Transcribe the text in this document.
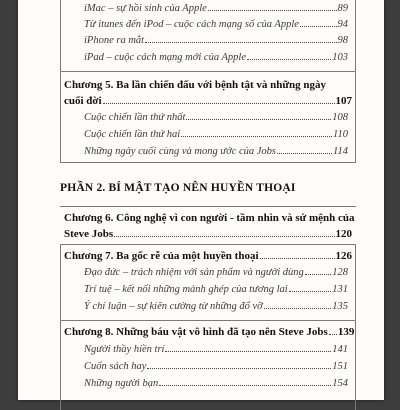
iMac – sự hồi sinh của Apple	89
Từ itunes đến iPod – cuộc cách mạng số của Apple	94
iPhone ra mắt	98
iPad – cuộc cách mạng mới của Apple	103
Chương 5. Ba lần chiến đấu với bệnh tật và những ngày
cuối đời	107
Cuộc chiến lần thứ nhất	108
Cuộc chiến lần thứ hai	110
Những ngày cuối cùng và mong ước của Jobs	114
PHẦN 2. BÍ MẬT TẠO NÊN HUYỀN THOẠI
Chương 6. Công nghệ vì con người - tầm nhìn và sứ mệnh của
Steve Jobs	120
Chương 7. Ba gốc rễ của một huyền thoại	126
Đạo đức – trách nhiệm với sản phẩm và người dùng	128
Trí tuệ – kết nối những mảnh ghép của tương lai	131
Ý chí luận – sự kiên cường từ những đổ vỡ	135
Chương 8. Những báu vật vô hình đã tạo nên Steve Jobs 139
Người thầy hiền trí	141
Cuốn sách hay	151
Những người bạn	154
